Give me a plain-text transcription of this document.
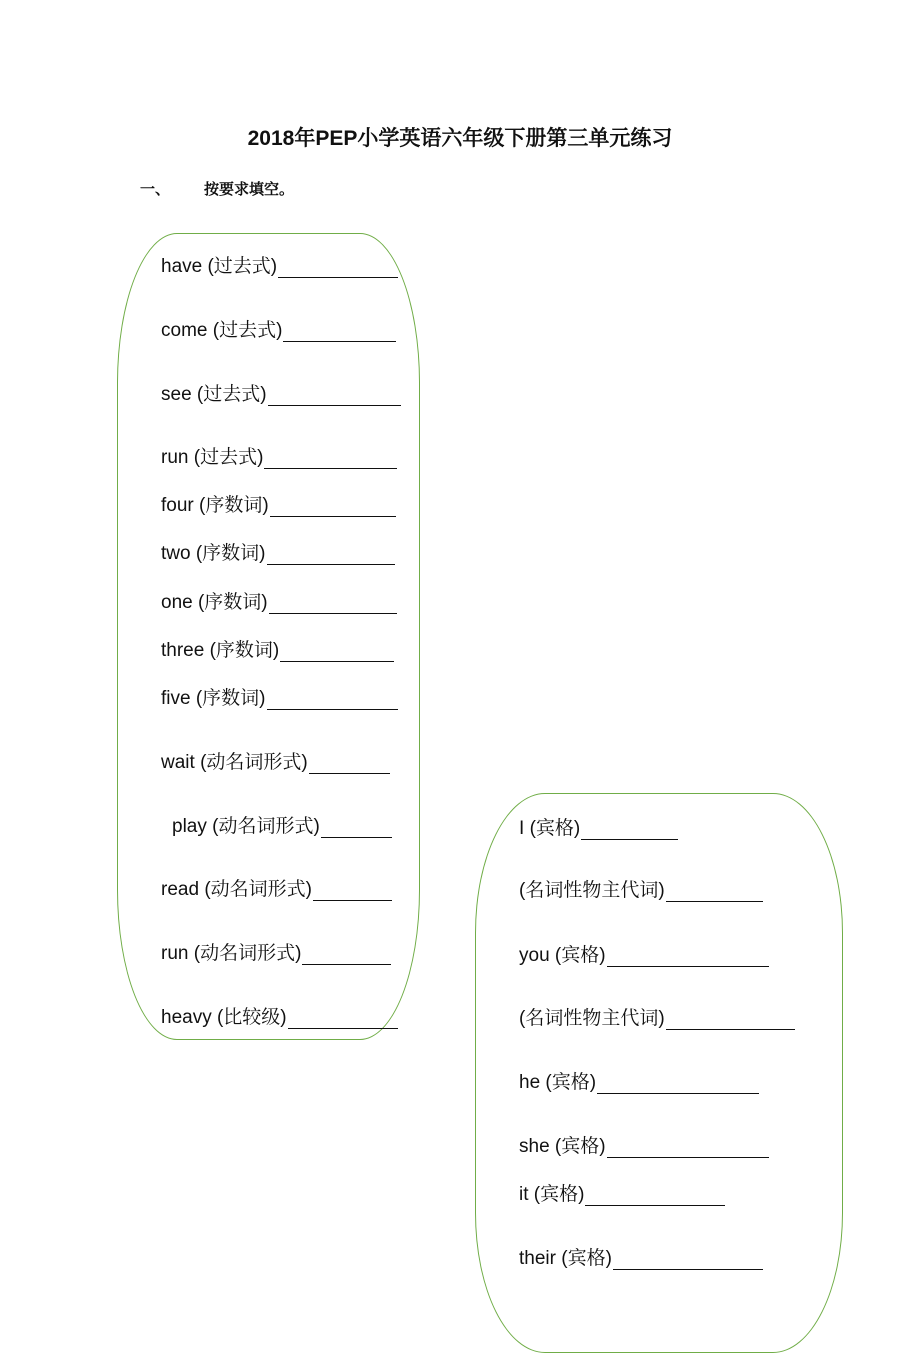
2018年PEP小学英语六年级下册第三单元练习
一、 按要求填空。
have
(过去式)
come
(过去式)
see
(过去式)
run
(过去式)
four
(序数词)
two
(序数词)
one
(序数词)
three
(序数词)
five
(序数词)
wait
(动名词形式)
play
(动名词形式)
read
(动名词形式)
run
(动名词形式)
heavy
(比较级)
I
(宾格)
(名词性物主代词)
you
(宾格)
(名词性物主代词)
he
(宾格)
she
(宾格)
it
(宾格)
their
(宾格)
